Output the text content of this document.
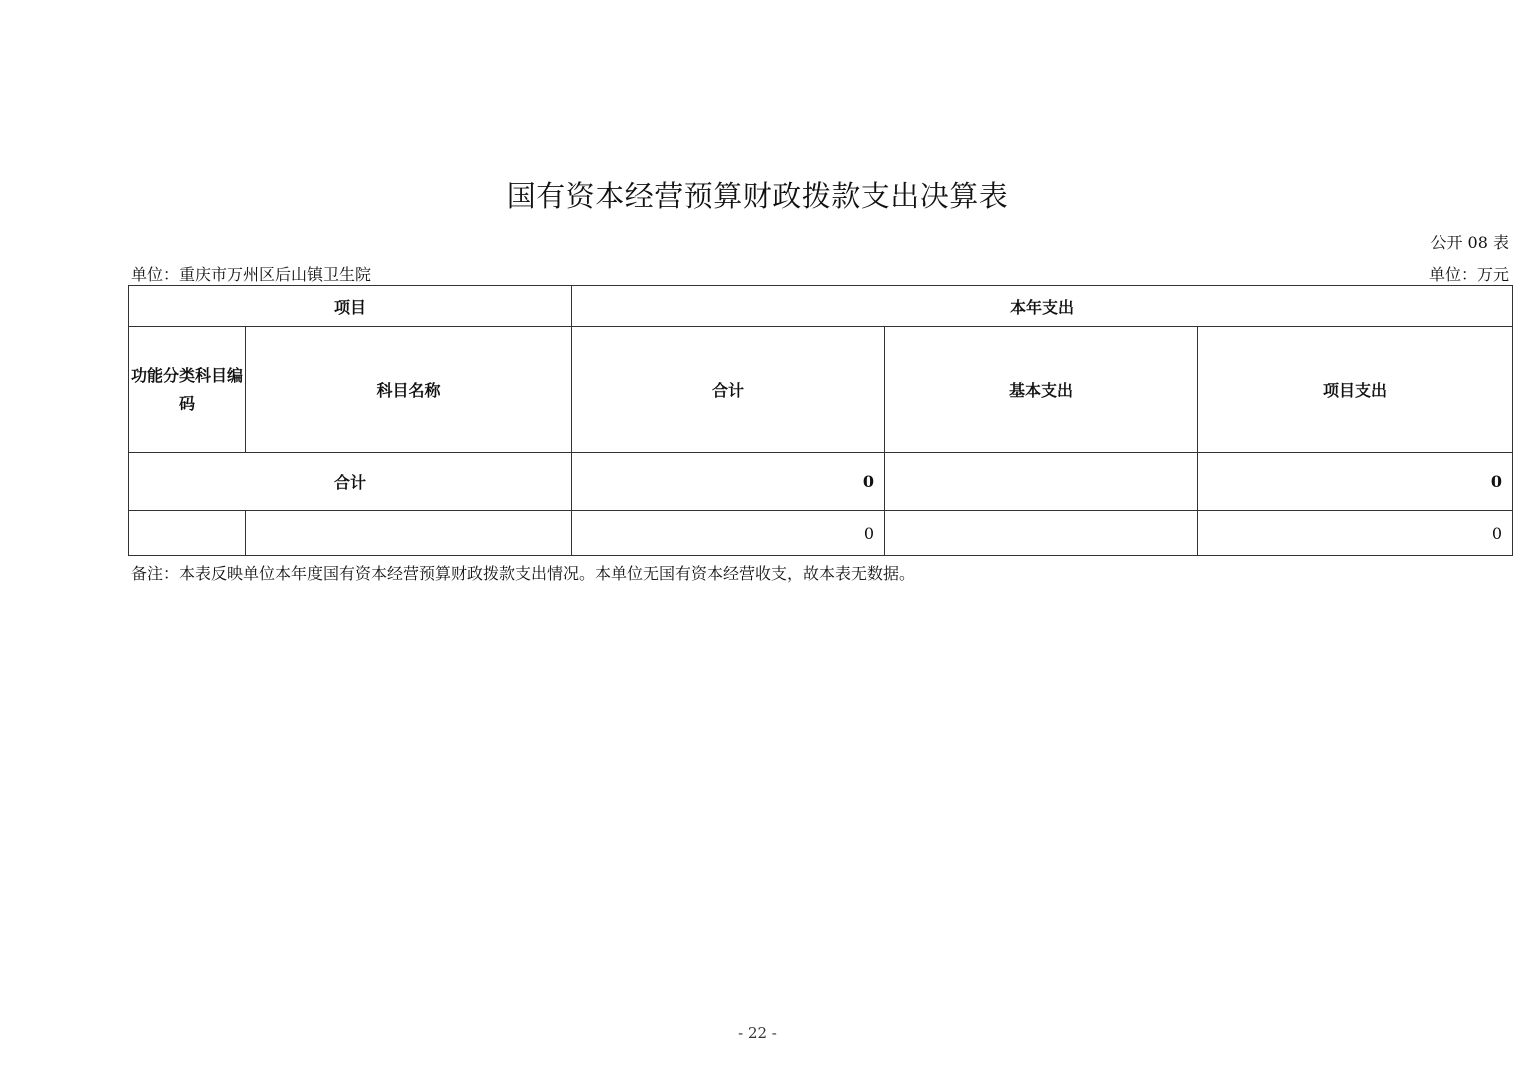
国有资本经营预算财政拨款支出决算表
公开 08 表
单位：重庆市万州区后山镇卫生院	单位：万元
项目		本年支出		
功能分类科目编码	科目名称	合计	基本支出	项目支出
合计		0		0
		0		0
备注：本表反映单位本年度国有资本经营预算财政拨款支出情况。本单位无国有资本经营收支，故本表无数据。
- 22 -
